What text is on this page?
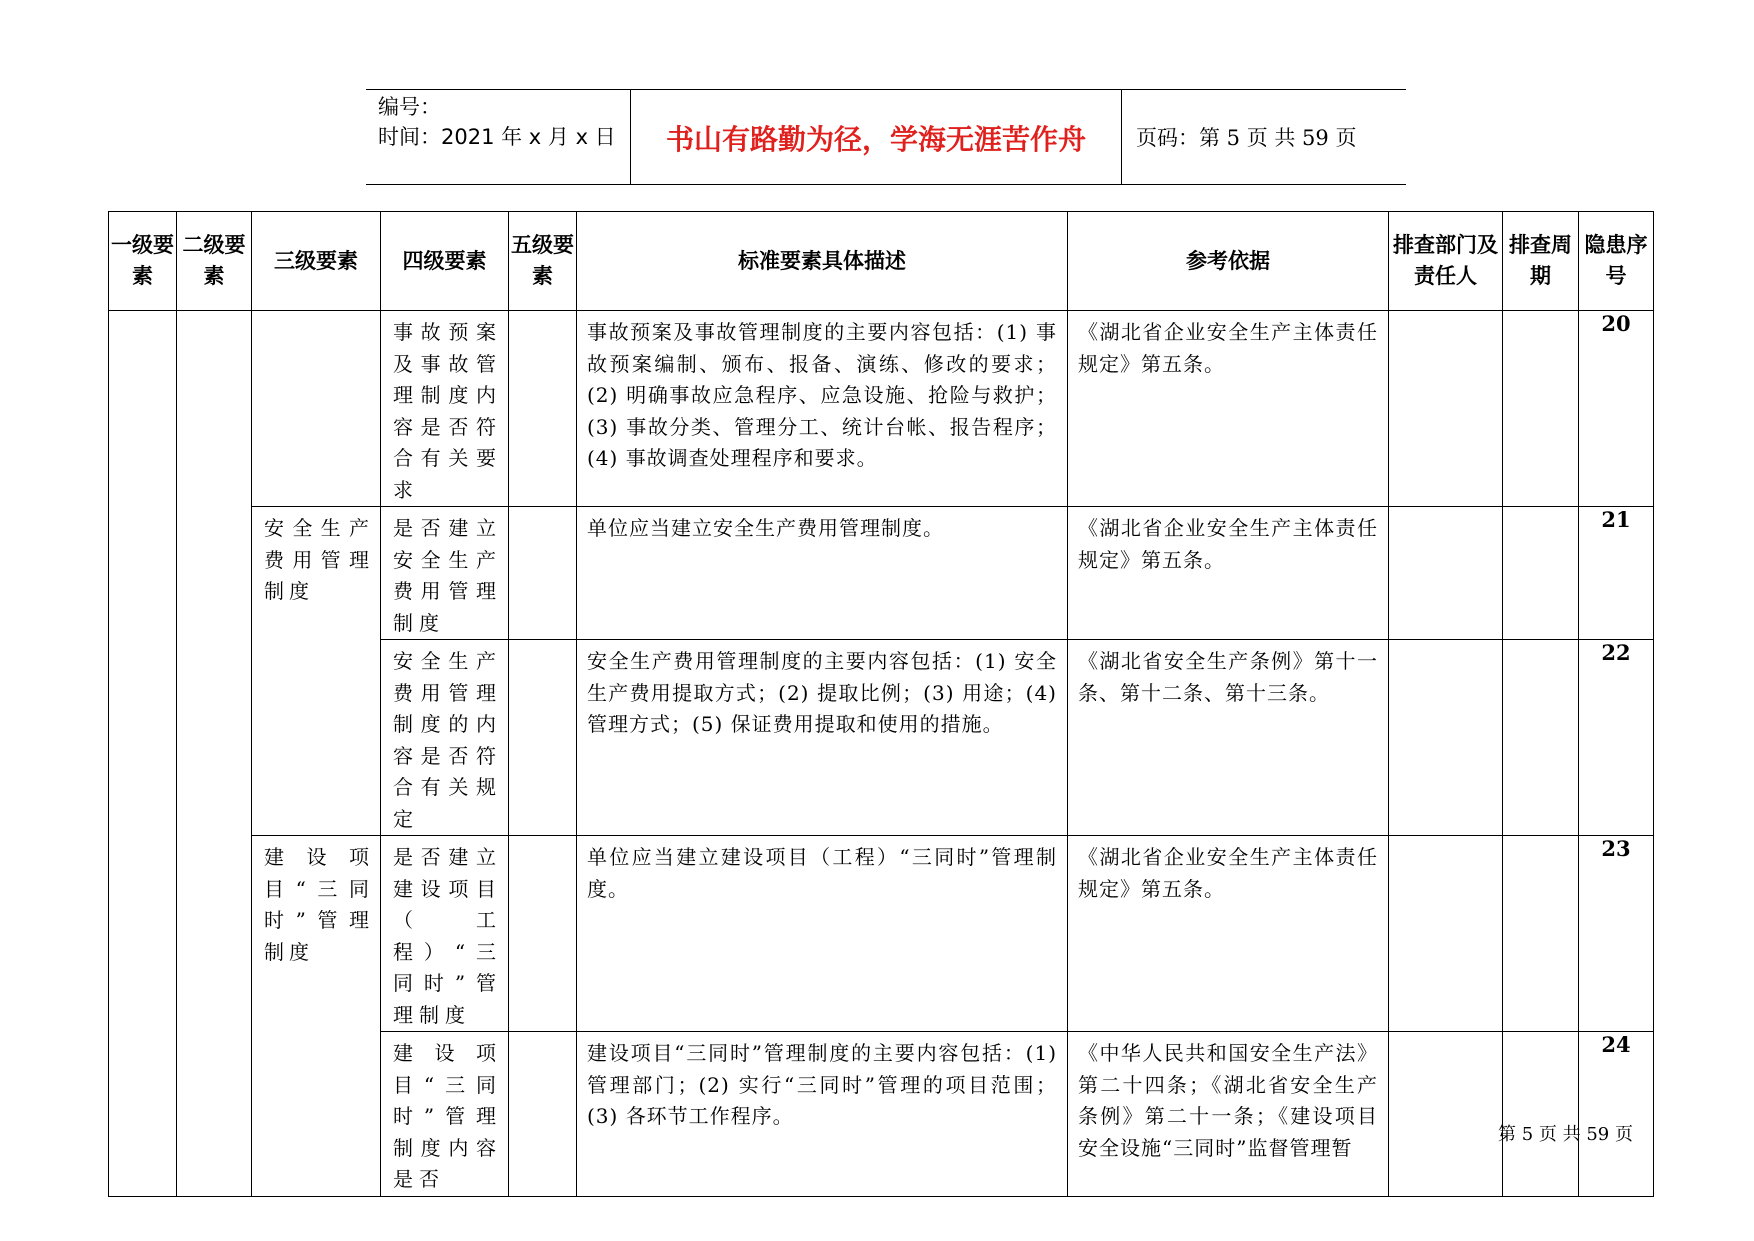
编号：
时间：2021 年 x 月 x 日	书山有路勤为径，学海无涯苦作舟	页码：第 5 页 共 59 页
一级要素	二级要素	三级要素	四级要素	五级要素	标准要素具体描述	参考依据	排查部门及责任人	排查周期	隐患序号

			事故预案及事故管理制度内容是否符合有关要求		事故预案及事故管理制度的主要内容包括：(1) 事故预案编制、颁布、报备、演练、修改的要求；(2) 明确事故应急程序、应急设施、抢险与救护；(3) 事故分类、管理分工、统计台帐、报告程序；(4) 事故调查处理程序和要求。	《湖北省企业安全生产主体责任规定》第五条。			20

		安全生产费用管理制度	是否建立安全生产费用管理制度		单位应当建立安全生产费用管理制度。	《湖北省企业安全生产主体责任规定》第五条。			21

			安全生产费用管理制度的内容是否符合有关规定		安全生产费用管理制度的主要内容包括：(1) 安全生产费用提取方式；(2) 提取比例；(3) 用途；(4) 管理方式；(5) 保证费用提取和使用的措施。	《湖北省安全生产条例》第十一条、第十二条、第十三条。			22

		建设项目“三同时”管理制度	是否建立建设项目（工程）“三同时”管理制度		单位应当建立建设项目（工程）“三同时”管理制度。	《湖北省企业安全生产主体责任规定》第五条。			23

			建设项目“三同时”管理制度内容是否		建设项目“三同时”管理制度的主要内容包括：(1) 管理部门；(2) 实行“三同时”管理的项目范围；(3) 各环节工作程序。	《中华人民共和国安全生产法》第二十四条；《湖北省安全生产条例》第二十一条；《建设项目安全设施“三同时”监督管理暂			24
第 5 页 共 59 页
